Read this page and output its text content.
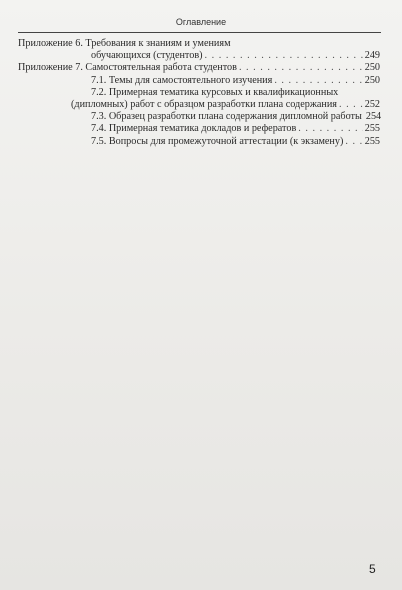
Оглавление
Приложение 6. Требования к знаниям и умениям
обучающихся (студентов) . . .	249
Приложение 7. Самостоятельная работа студентов . . .	250
7.1. Темы для самостоятельного изучения . . .	250
7.2. Примерная тематика курсовых и квалификационных
(дипломных) работ с образцом разработки плана содержания . . .	252
7.3. Образец разработки плана содержания дипломной работы 254
7.4. Примерная тематика докладов и рефератов . . .	255
7.5. Вопросы для промежуточной аттестации (к экзамену) . . . 255
5
